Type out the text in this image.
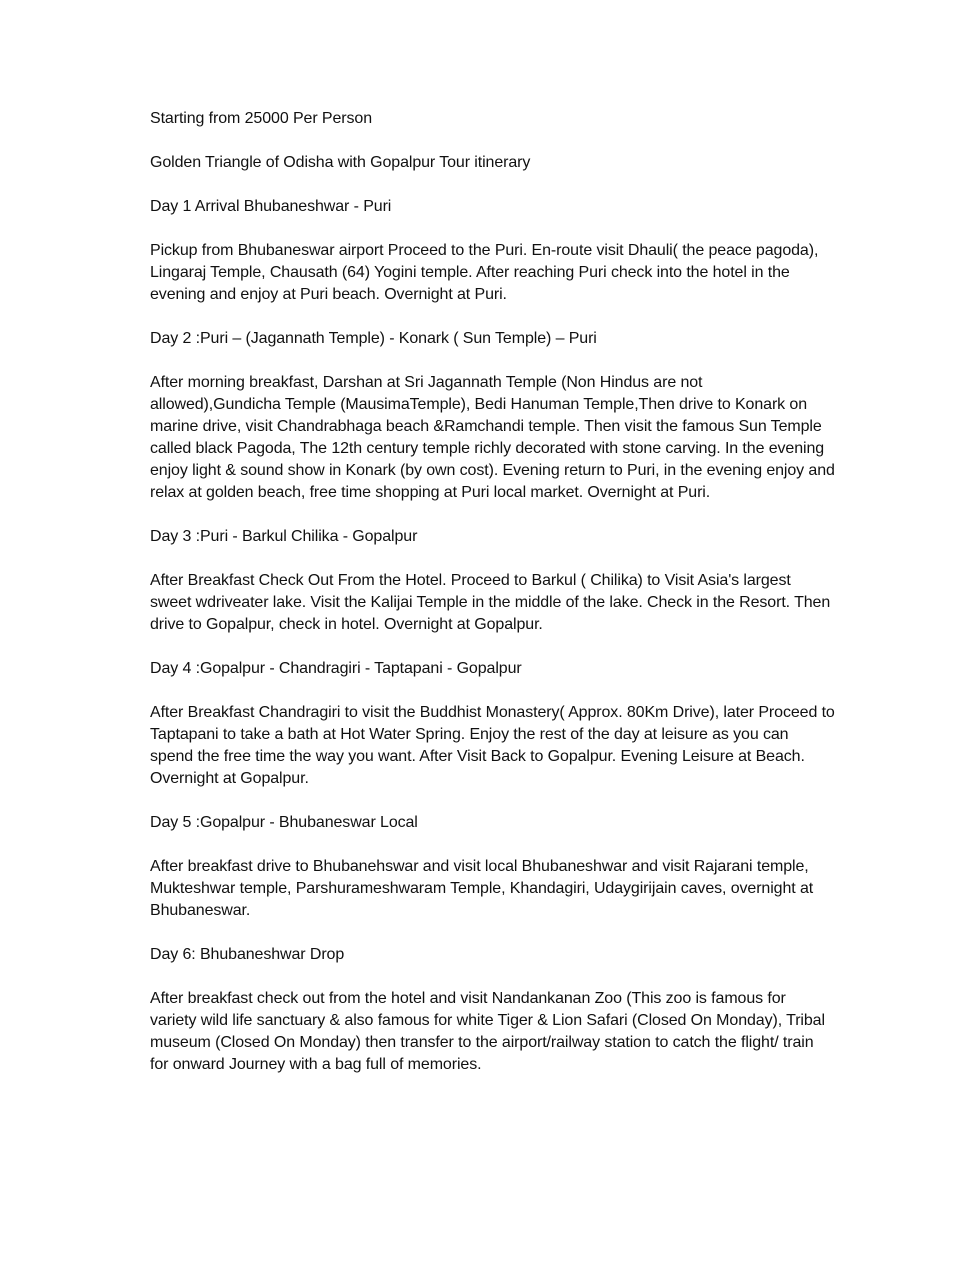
Starting from 25000 Per Person

Golden Triangle of Odisha with Gopalpur Tour itinerary

Day 1 Arrival Bhubaneshwar - Puri

Pickup from Bhubaneswar airport Proceed to the Puri. En-route visit Dhauli( the peace pagoda), Lingaraj Temple, Chausath (64) Yogini temple. After reaching Puri check into the hotel in the evening and enjoy at Puri beach. Overnight at Puri.

Day 2 :Puri – (Jagannath Temple) - Konark ( Sun Temple) – Puri

After morning breakfast, Darshan at Sri Jagannath Temple (Non Hindus are not allowed),Gundicha Temple (MausimaTemple), Bedi Hanuman Temple,Then drive to Konark on marine drive, visit Chandrabhaga beach &Ramchandi temple. Then visit the famous Sun Temple called black Pagoda, The 12th century temple richly decorated with stone carving. In the evening enjoy light & sound show in Konark (by own cost). Evening return to Puri, in the evening enjoy and relax at golden beach, free time shopping at Puri local market. Overnight at Puri.

Day 3 :Puri - Barkul Chilika - Gopalpur

After Breakfast Check Out From the Hotel. Proceed to Barkul ( Chilika) to Visit Asia's largest sweet wdriveater lake. Visit the Kalijai Temple in the middle of the lake. Check in the Resort. Then drive to Gopalpur, check in hotel. Overnight at Gopalpur.

Day 4 :Gopalpur - Chandragiri - Taptapani - Gopalpur

After Breakfast Chandragiri to visit the Buddhist Monastery( Approx. 80Km Drive), later Proceed to Taptapani to take a bath at Hot Water Spring. Enjoy the rest of the day at leisure as you can spend the free time the way you want. After Visit Back to Gopalpur. Evening Leisure at Beach. Overnight at Gopalpur.

Day 5 :Gopalpur - Bhubaneswar Local

After breakfast drive to Bhubanehswar and visit local Bhubaneshwar and visit Rajarani temple, Mukteshwar temple, Parshurameshwaram Temple, Khandagiri, Udaygirijain caves, overnight at Bhubaneswar.

Day 6: Bhubaneshwar Drop

After breakfast check out from the hotel and visit Nandankanan Zoo (This zoo is famous for variety wild life sanctuary & also famous for white Tiger & Lion Safari (Closed On Monday), Tribal museum (Closed On Monday) then transfer to the airport/railway station to catch the flight/ train for onward Journey with a bag full of memories.
